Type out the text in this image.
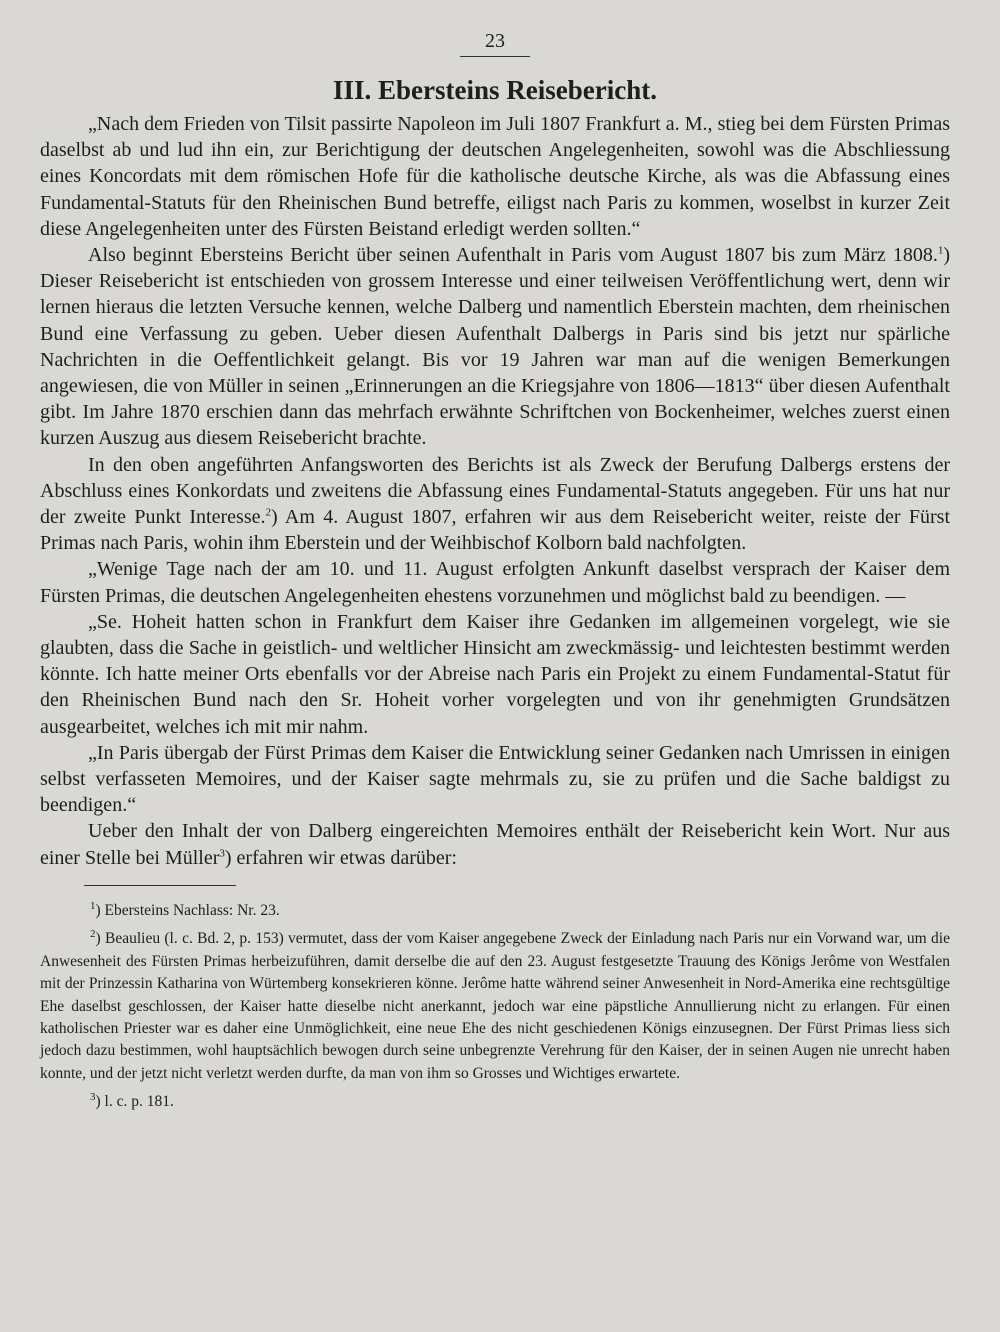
23
III. Ebersteins Reisebericht.

„Nach dem Frieden von Tilsit passirte Napoleon im Juli 1807 Frankfurt a. M., stieg bei dem Fürsten Primas daselbst ab und lud ihn ein, zur Berichtigung der deutschen Angelegenheiten, sowohl was die Abschliessung eines Koncordats mit dem römischen Hofe für die katholische deutsche Kirche, als was die Abfassung eines Fundamental-Statuts für den Rheinischen Bund betreffe, eiligst nach Paris zu kommen, woselbst in kurzer Zeit diese Angelegenheiten unter des Fürsten Beistand erledigt werden sollten.“

Also beginnt Ebersteins Bericht über seinen Aufenthalt in Paris vom August 1807 bis zum März 1808.$^1$) Dieser Reisebericht ist entschieden von grossem Interesse und einer teilweisen Veröffentlichung wert, denn wir lernen hieraus die letzten Versuche kennen, welche Dalberg und namentlich Eberstein machten, dem rheinischen Bund eine Verfassung zu geben. Ueber diesen Aufenthalt Dalbergs in Paris sind bis jetzt nur spärliche Nachrichten in die Oeffentlichkeit gelangt. Bis vor 19 Jahren war man auf die wenigen Bemerkungen angewiesen, die von Müller in seinen „Erinnerungen an die Kriegsjahre von 1806—1813“ über diesen Aufenthalt gibt. Im Jahre 1870 erschien dann das mehrfach erwähnte Schriftchen von Bockenheimer, welches zuerst einen kurzen Auszug aus diesem Reisebericht brachte.

In den oben angeführten Anfangsworten des Berichts ist als Zweck der Berufung Dalbergs erstens der Abschluss eines Konkordats und zweitens die Abfassung eines Fundamental-Statuts angegeben. Für uns hat nur der zweite Punkt Interesse.$^2$) Am 4. August 1807, erfahren wir aus dem Reisebericht weiter, reiste der Fürst Primas nach Paris, wohin ihm Eberstein und der Weihbischof Kolborn bald nachfolgten.

„Wenige Tage nach der am 10. und 11. August erfolgten Ankunft daselbst versprach der Kaiser dem Fürsten Primas, die deutschen Angelegenheiten ehestens vorzunehmen und möglichst bald zu beendigen. —

„Se. Hoheit hatten schon in Frankfurt dem Kaiser ihre Gedanken im allgemeinen vorgelegt, wie sie glaubten, dass die Sache in geistlich- und weltlicher Hinsicht am zweckmässig- und leichtesten bestimmt werden könnte. Ich hatte meiner Orts ebenfalls vor der Abreise nach Paris ein Projekt zu einem Fundamental-Statut für den Rheinischen Bund nach den Sr. Hoheit vorher vorgelegten und von ihr genehmigten Grundsätzen ausgearbeitet, welches ich mit mir nahm.

„In Paris übergab der Fürst Primas dem Kaiser die Entwicklung seiner Gedanken nach Umrissen in einigen selbst verfasseten Memoires, und der Kaiser sagte mehrmals zu, sie zu prüfen und die Sache baldigst zu beendigen.“

Ueber den Inhalt der von Dalberg eingereichten Memoires enthält der Reisebericht kein Wort. Nur aus einer Stelle bei Müller$^3$) erfahren wir etwas darüber:

$^1$) Ebersteins Nachlass: Nr. 23.

$^2$) Beaulieu (l. c. Bd. 2, p. 153) vermutet, dass der vom Kaiser angegebene Zweck der Einladung nach Paris nur ein Vorwand war, um die Anwesenheit des Fürsten Primas herbeizuführen, damit derselbe die auf den 23. August festgesetzte Trauung des Königs Jerôme von Westfalen mit der Prinzessin Katharina von Würtemberg konsekrieren könne. Jerôme hatte während seiner Anwesenheit in Nord-Amerika eine rechtsgültige Ehe daselbst geschlossen, der Kaiser hatte dieselbe nicht anerkannt, jedoch war eine päpstliche Annullierung nicht zu erlangen. Für einen katholischen Priester war es daher eine Unmöglichkeit, eine neue Ehe des nicht geschiedenen Königs einzusegnen. Der Fürst Primas liess sich jedoch dazu bestimmen, wohl hauptsächlich bewogen durch seine unbegrenzte Verehrung für den Kaiser, der in seinen Augen nie unrecht haben konnte, und der jetzt nicht verletzt werden durfte, da man von ihm so Grosses und Wichtiges erwartete.

$^3$) l. c. p. 181.
